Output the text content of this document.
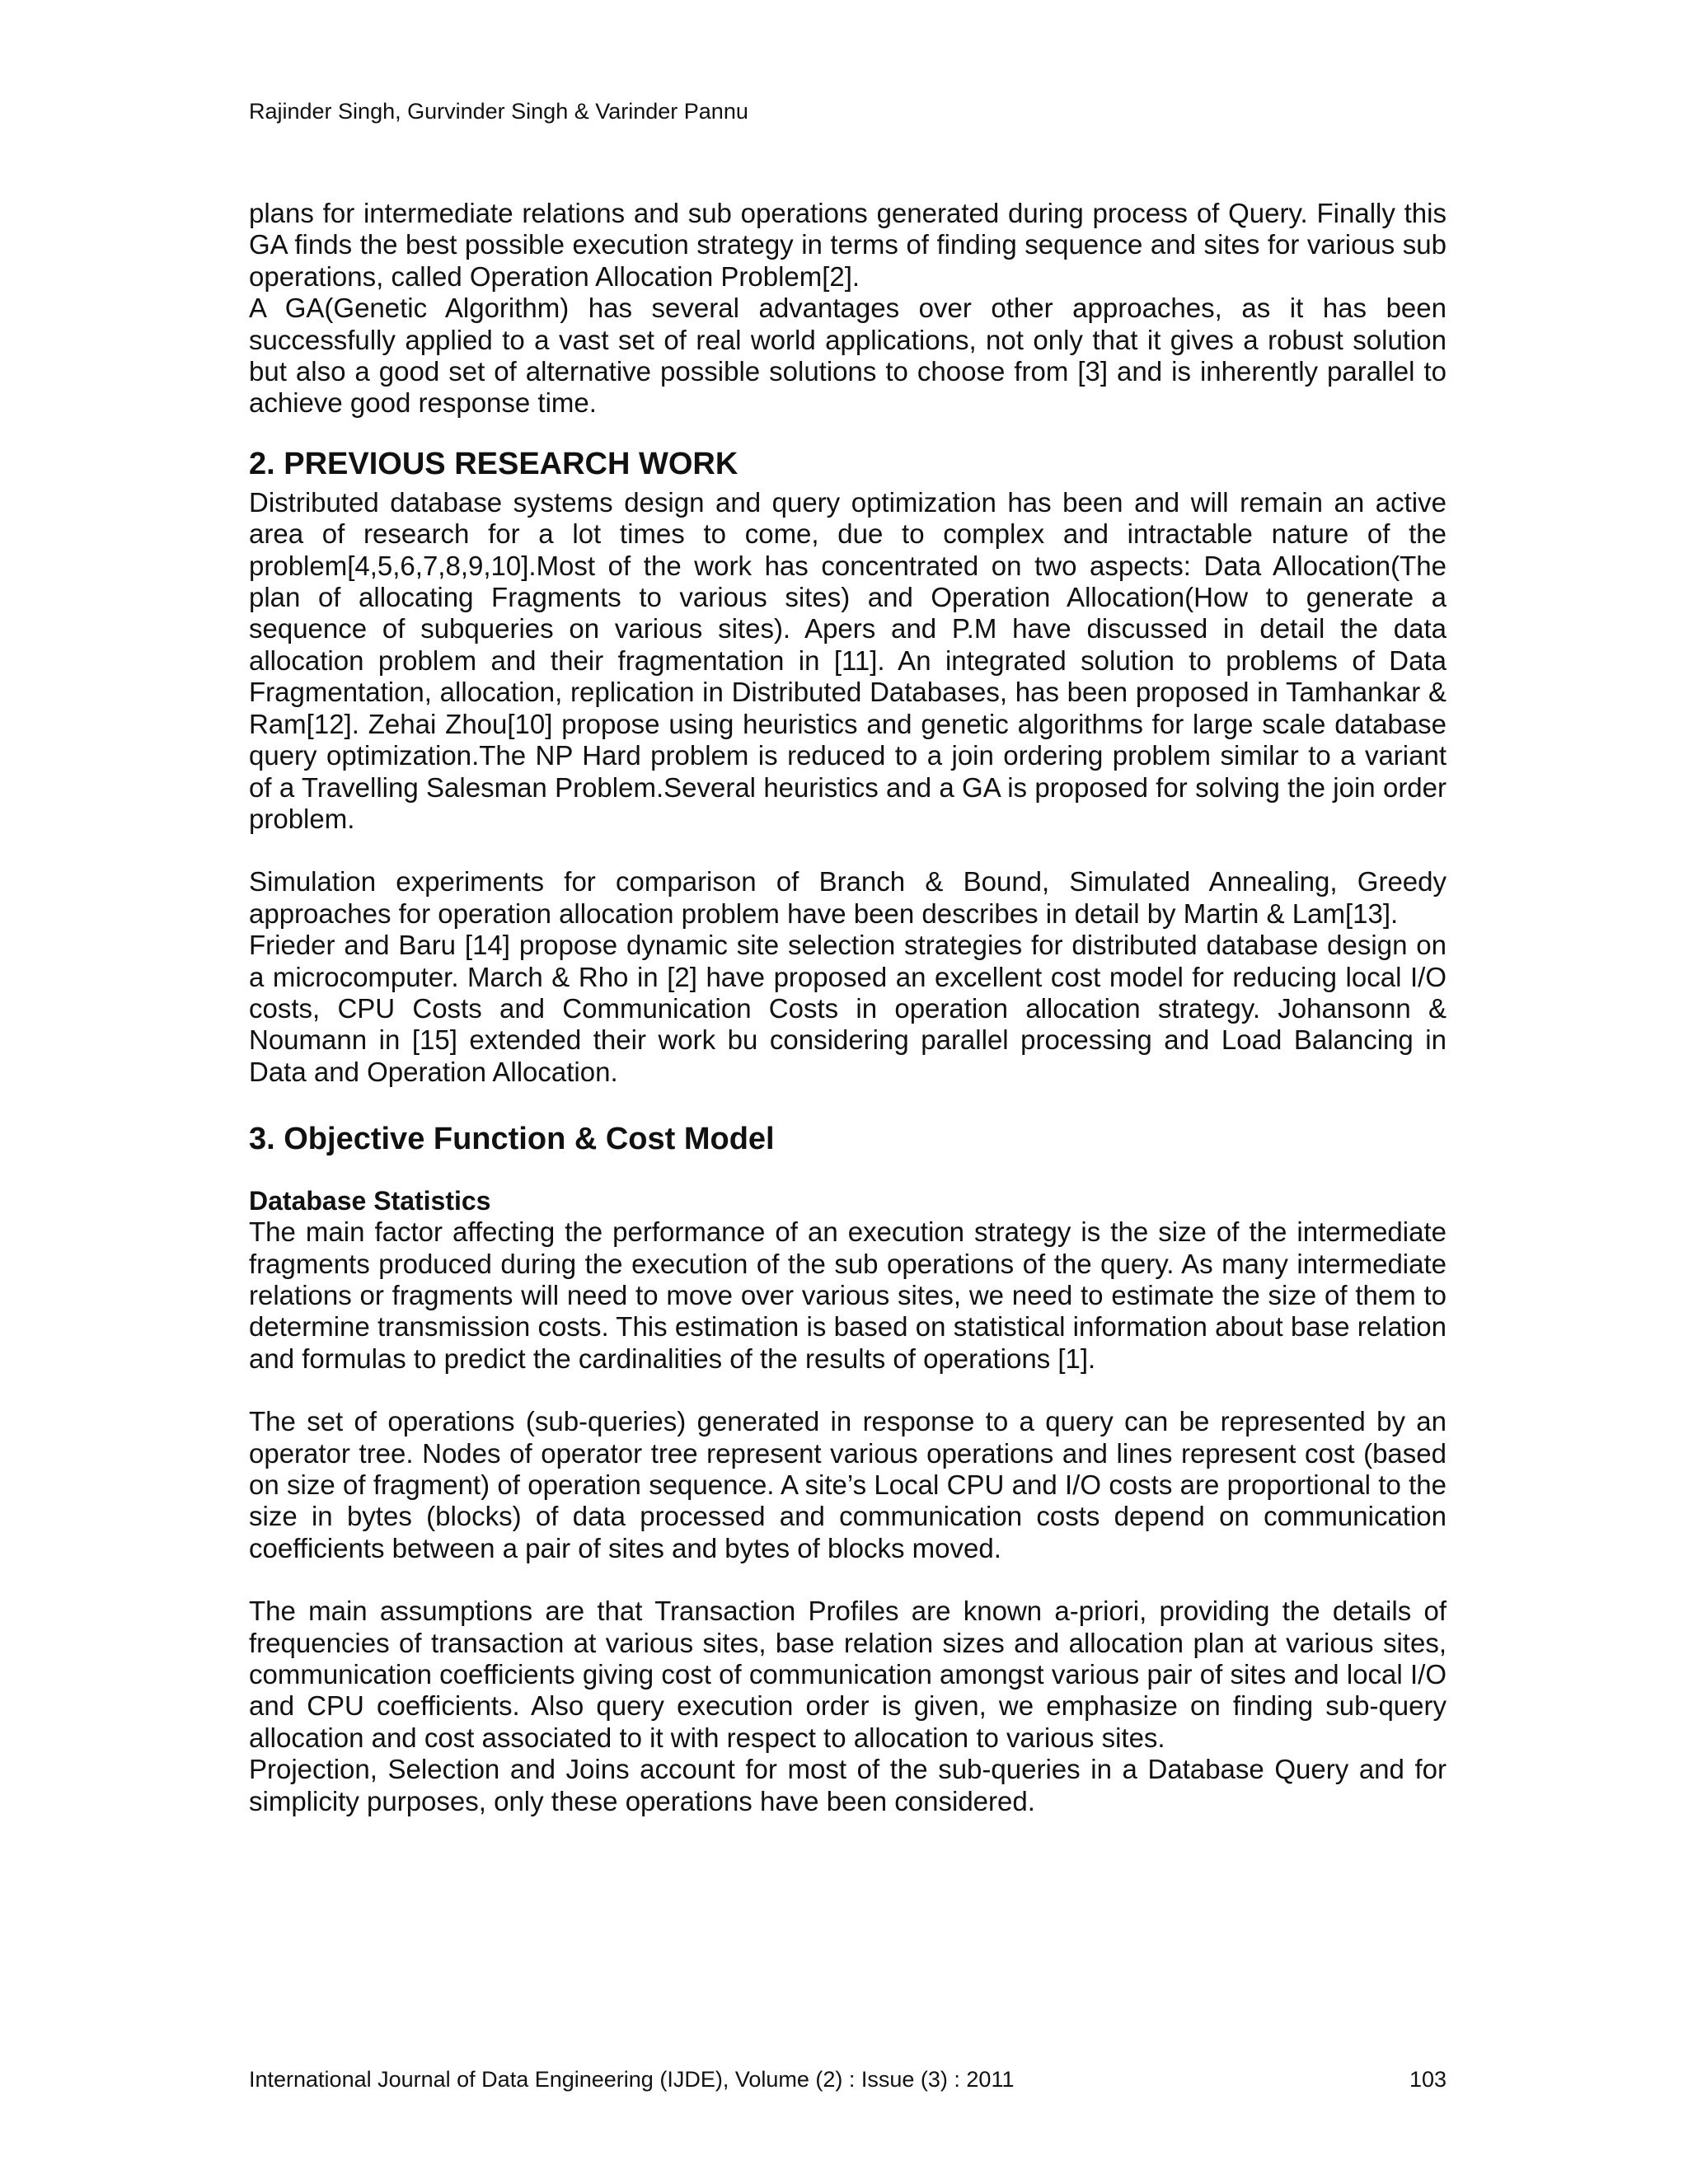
Rajinder Singh, Gurvinder Singh & Varinder Pannu

plans for intermediate relations and sub operations generated during process of Query. Finally this GA finds the best possible execution strategy in terms of finding sequence and sites for various sub operations, called Operation Allocation Problem[2].

A GA(Genetic Algorithm) has several advantages over other approaches, as it has been successfully applied to a vast set of real world applications, not only that it gives a robust solution but also a good set of alternative possible solutions to choose from [3] and is inherently parallel to achieve good response time.

2. PREVIOUS RESEARCH WORK

Distributed database systems design and query optimization has been and will remain an active area of research for a lot times to come, due to complex and intractable nature of the problem[4,5,6,7,8,9,10].Most of the work has concentrated on two aspects: Data Allocation(The plan of allocating Fragments to various sites) and Operation Allocation(How to generate a sequence of subqueries on various sites). Apers and P.M have discussed in detail the data allocation problem and their fragmentation in [11]. An integrated solution to problems of Data Fragmentation, allocation, replication in Distributed Databases, has been proposed in Tamhankar & Ram[12]. Zehai Zhou[10] propose using heuristics and genetic algorithms for large scale database query optimization.The NP Hard problem is reduced to a join ordering problem similar to a variant of a Travelling Salesman Problem.Several heuristics and a GA is proposed for solving the join order problem.

Simulation experiments for comparison of Branch & Bound, Simulated Annealing, Greedy approaches for operation allocation problem have been describes in detail by Martin & Lam[13].

Frieder and Baru [14] propose dynamic site selection strategies for distributed database design on a microcomputer. March & Rho in [2] have proposed an excellent cost model for reducing local I/O costs, CPU Costs and Communication Costs in operation allocation strategy. Johansonn & Noumann in [15] extended their work bu considering parallel processing and Load Balancing in Data and Operation Allocation.

3. Objective Function & Cost Model
Database Statistics

The main factor affecting the performance of an execution strategy is the size of the intermediate fragments produced during the execution of the sub operations of the query. As many intermediate relations or fragments will need to move over various sites, we need to estimate the size of them to determine transmission costs. This estimation is based on statistical information about base relation and formulas to predict the cardinalities of the results of operations [1].

The set of operations (sub-queries) generated in response to a query can be represented by an operator tree. Nodes of operator tree represent various operations and lines represent cost (based on size of fragment) of operation sequence. A site’s Local CPU and I/O costs are proportional to the size in bytes (blocks) of data processed and communication costs depend on communication coefficients between a pair of sites and bytes of blocks moved.

The main assumptions are that Transaction Profiles are known a-priori, providing the details of frequencies of transaction at various sites, base relation sizes and allocation plan at various sites, communication coefficients giving cost of communication amongst various pair of sites and local I/O and CPU coefficients. Also query execution order is given, we emphasize on finding sub-query allocation and cost associated to it with respect to allocation to various sites.

Projection, Selection and Joins account for most of the sub-queries in a Database Query and for simplicity purposes, only these operations have been considered.

International Journal of Data Engineering (IJDE), Volume (2) : Issue (3) : 2011	103
